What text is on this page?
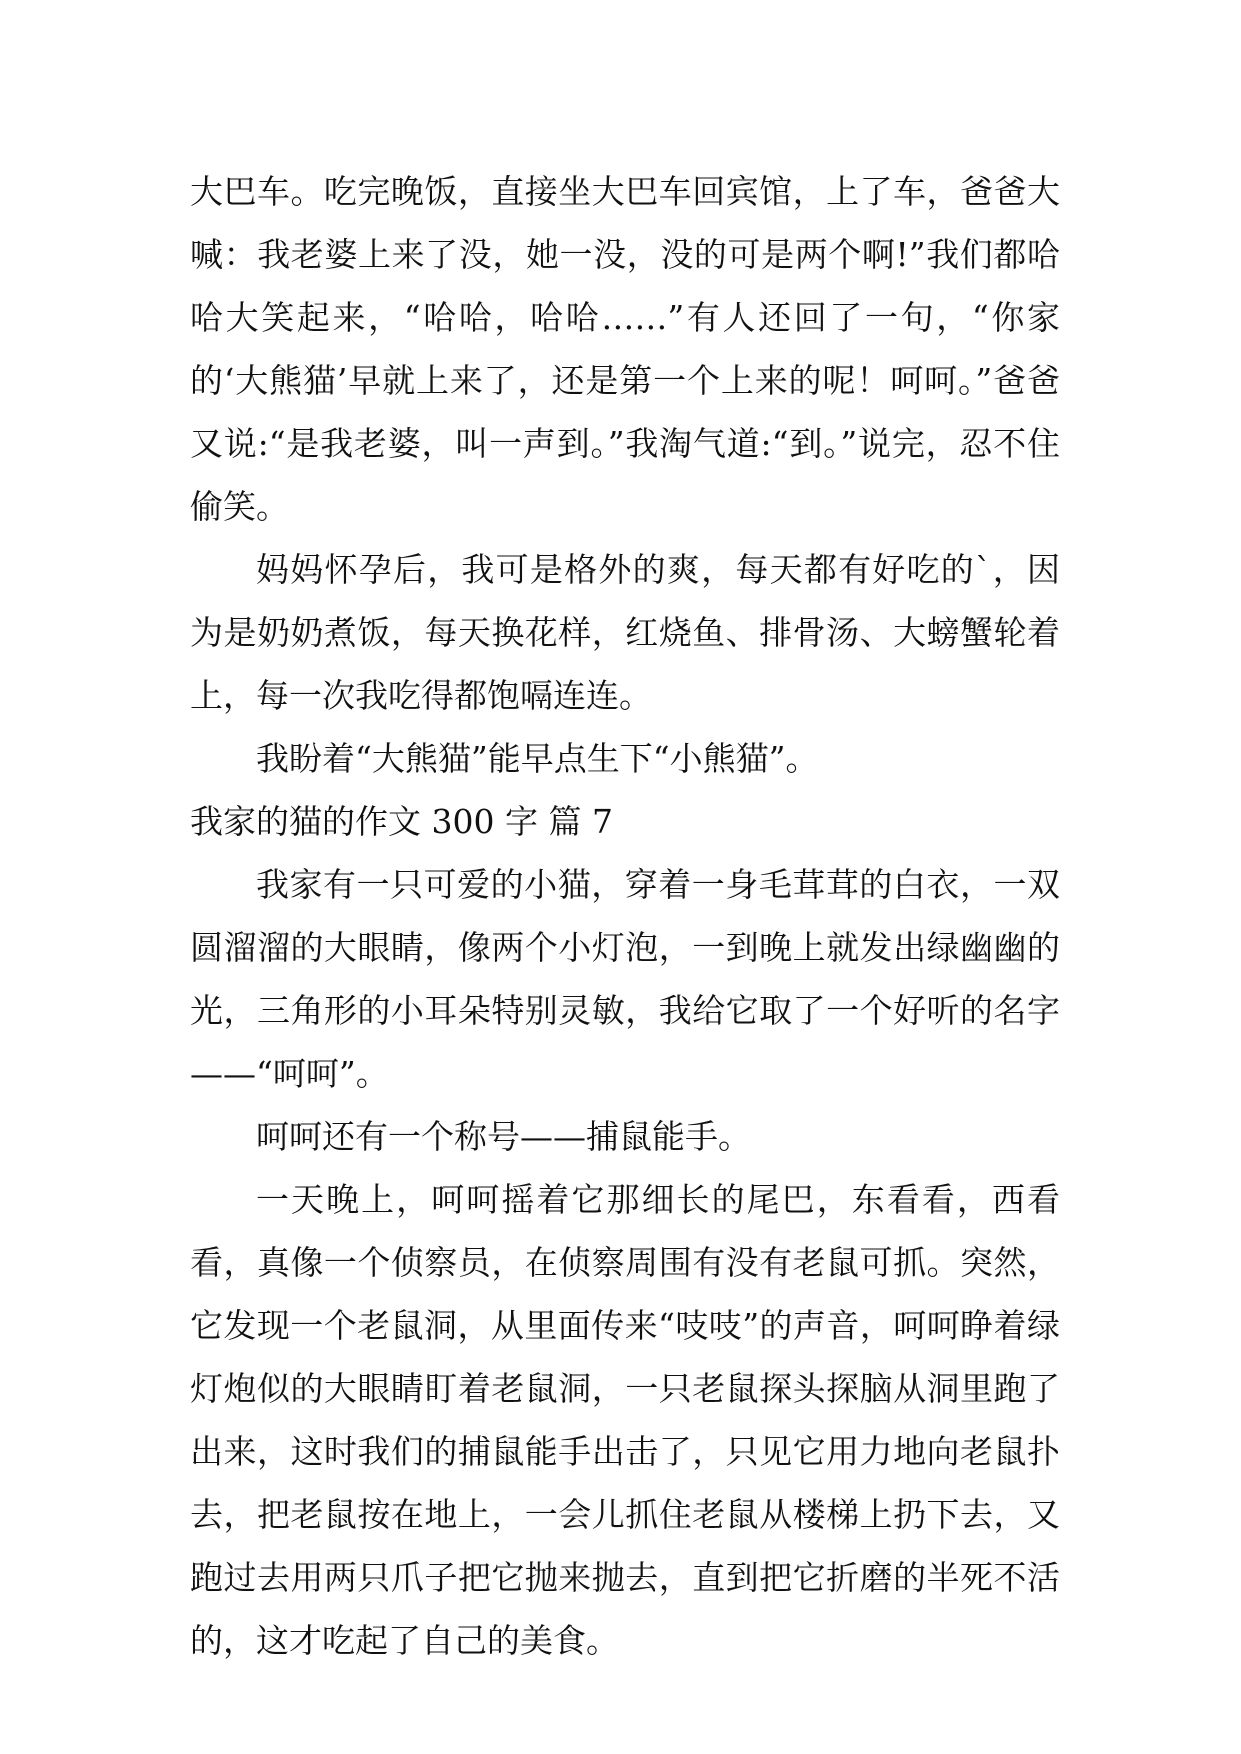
大巴车。吃完晚饭，直接坐大巴车回宾馆，上了车，爸爸大喊：我老婆上来了没，她一没，没的可是两个啊!”我们都哈哈大笑起来，“哈哈，哈哈……”有人还回了一句，“你家的‘大熊猫’早就上来了，还是第一个上来的呢！呵呵。”爸爸又说:“是我老婆，叫一声到。”我淘气道:“到。”说完，忍不住偷笑。

妈妈怀孕后，我可是格外的爽，每天都有好吃的`，因为是奶奶煮饭，每天换花样，红烧鱼、排骨汤、大螃蟹轮着上，每一次我吃得都饱嗝连连。

我盼着“大熊猫”能早点生下“小熊猫”。

我家的猫的作文 300 字 篇 7

我家有一只可爱的小猫，穿着一身毛茸茸的白衣，一双圆溜溜的大眼睛，像两个小灯泡，一到晚上就发出绿幽幽的光，三角形的小耳朵特别灵敏，我给它取了一个好听的名字——“呵呵”。

呵呵还有一个称号——捕鼠能手。

一天晚上，呵呵摇着它那细长的尾巴，东看看，西看看，真像一个侦察员，在侦察周围有没有老鼠可抓。突然，它发现一个老鼠洞，从里面传来“吱吱”的声音，呵呵睁着绿灯炮似的大眼睛盯着老鼠洞，一只老鼠探头探脑从洞里跑了出来，这时我们的捕鼠能手出击了，只见它用力地向老鼠扑去，把老鼠按在地上，一会儿抓住老鼠从楼梯上扔下去，又跑过去用两只爪子把它抛来抛去，直到把它折磨的半死不活的，这才吃起了自己的美食。
